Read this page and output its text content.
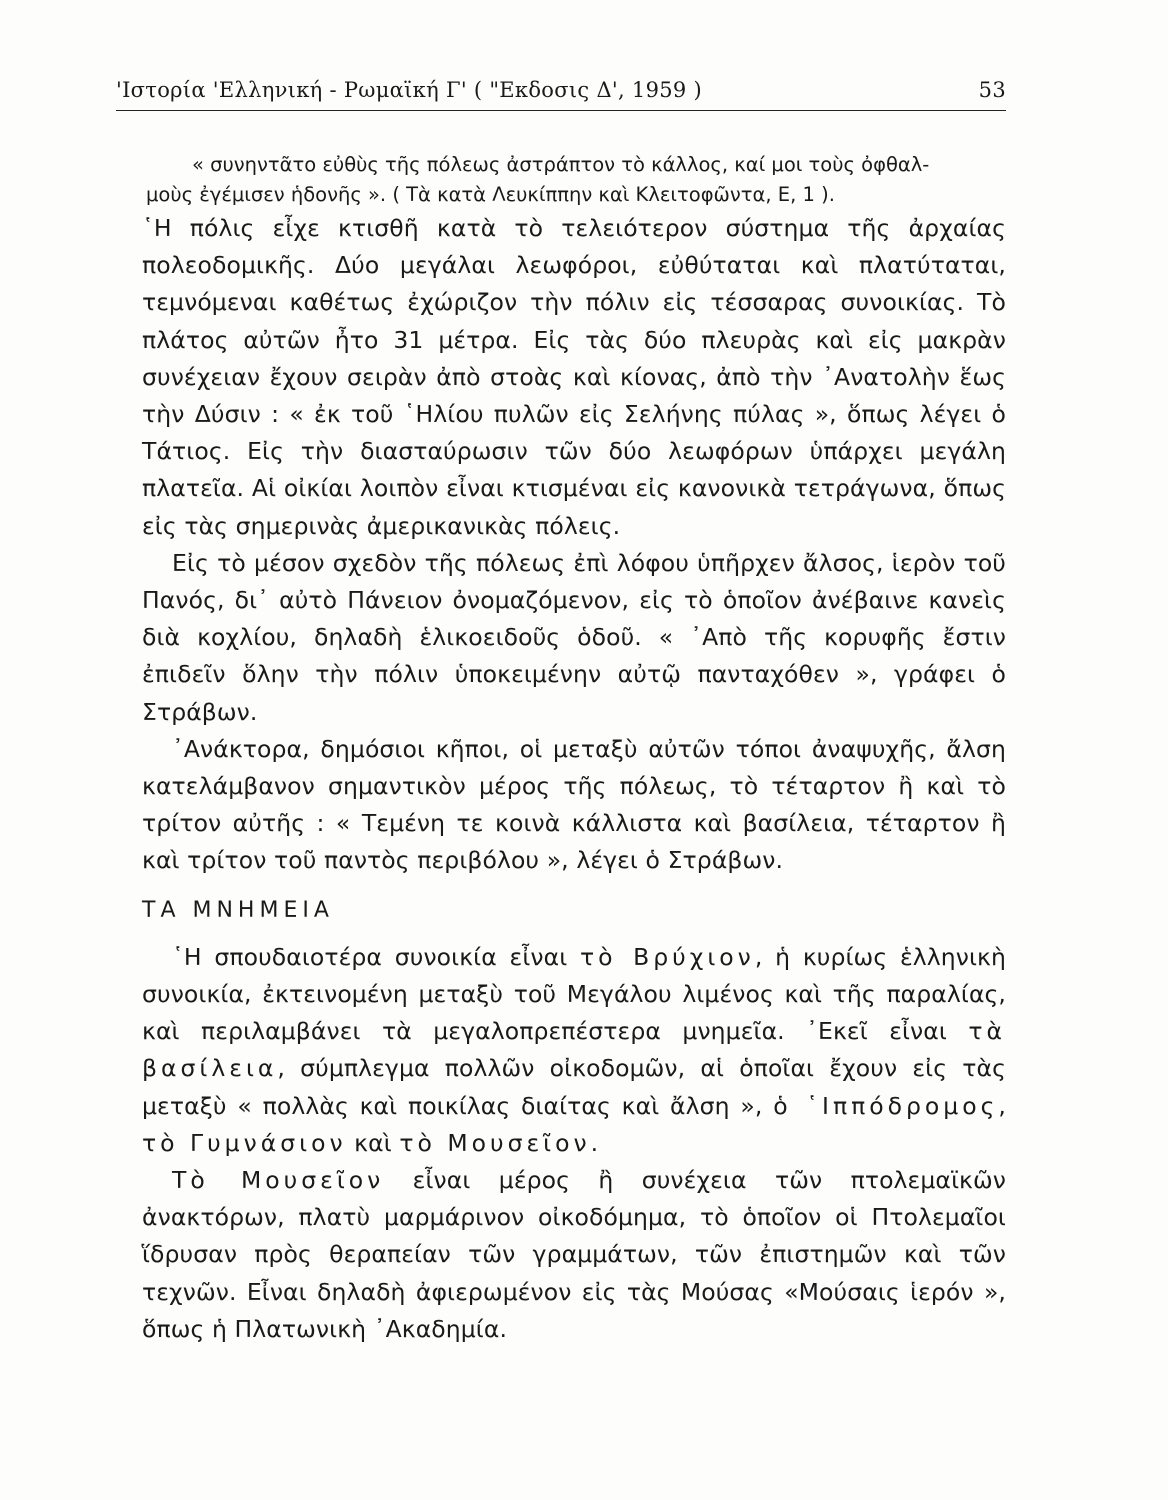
'Ιστορία 'Ελληνική - Ρωμαϊκή Γ' ( "Εκδοσις Δ', 1959 )	53
« συνηντᾶτο εὐθὺς τῆς πόλεως ἀστράπτον τὸ κάλλος, καί μοι τοὺς ὀφθαλ-
μοὺς ἐγέμισεν ἡδονῆς ». ( Τὰ κατὰ Λευκίππην καὶ Κλειτοφῶντα, Ε, 1 ).

῾Η πόλις εἶχε κτισθῆ κατὰ τὸ τελειότερον σύστημα τῆς ἀρχαίας πολεοδομικῆς. Δύο μεγάλαι λεωφόροι, εὐθύταται καὶ πλατύταται, τεμνόμεναι καθέτως ἐχώριζον τὴν πόλιν εἰς τέσσαρας συνοικίας. Τὸ πλάτος αὐτῶν ἦτο 31 μέτρα. Εἰς τὰς δύο πλευρὰς καὶ εἰς μακρὰν συνέχειαν ἔχουν σειρὰν ἀπὸ στοὰς καὶ κίονας, ἀπὸ τὴν ᾿Ανατολὴν ἕως τὴν Δύσιν : « ἐκ τοῦ ῾Ηλίου πυλῶν εἰς Σελήνης πύλας », ὅπως λέγει ὁ Τάτιος. Εἰς τὴν διασταύρωσιν τῶν δύο λεωφόρων ὑπάρχει μεγάλη πλατεῖα. Αἱ οἰκίαι λοιπὸν εἶναι κτισμέναι εἰς κανονικὰ τετράγωνα, ὅπως εἰς τὰς σημερινὰς ἀμερικανικὰς πόλεις.

Εἰς τὸ μέσον σχεδὸν τῆς πόλεως ἐπὶ λόφου ὑπῆρχεν ἄλσος, ἱερὸν τοῦ Πανός, δι᾿ αὐτὸ Πάνειον ὀνομαζόμενον, εἰς τὸ ὁποῖον ἀνέβαινε κανεὶς διὰ κοχλίου, δηλαδὴ ἑλικοειδοῦς ὁδοῦ. « ᾿Απὸ τῆς κορυφῆς ἔστιν ἐπιδεῖν ὅλην τὴν πόλιν ὑποκειμένην αὐτῷ πανταχόθεν », γράφει ὁ Στράβων.

᾿Ανάκτορα, δημόσιοι κῆποι, οἱ μεταξὺ αὐτῶν τόποι ἀναψυχῆς, ἄλση κατελάμβανον σημαντικὸν μέρος τῆς πόλεως, τὸ τέταρτον ἢ καὶ τὸ τρίτον αὐτῆς : « Τεμένη τε κοινὰ κάλλιστα καὶ βασίλεια, τέταρτον ἢ καὶ τρίτον τοῦ παντὸς περιβόλου », λέγει ὁ Στράβων.

ΤΑ ΜΝΗΜΕΙΑ

῾Η σπουδαιοτέρα συνοικία εἶναι τὸ Βρύχιον, ἡ κυρίως ἑλληνικὴ συνοικία, ἐκτεινομένη μεταξὺ τοῦ Μεγάλου λιμένος καὶ τῆς παραλίας, καὶ περιλαμβάνει τὰ μεγαλοπρεπέστερα μνημεῖα. ᾿Εκεῖ εἶναι τὰ βασίλεια, σύμπλεγμα πολλῶν οἰκοδομῶν, αἱ ὁποῖαι ἔχουν εἰς τὰς μεταξὺ « πολλὰς καὶ ποικίλας διαίτας καὶ ἄλση », ὁ ῾Ιππόδρομος, τὸ Γυμνάσιον καὶ τὸ Μουσεῖον.

Τὸ Μουσεῖον εἶναι μέρος ἢ συνέχεια τῶν πτολεμαϊκῶν ἀνακτόρων, πλατὺ μαρμάρινον οἰκοδόμημα, τὸ ὁποῖον οἱ Πτολεμαῖοι ἵδρυσαν πρὸς θεραπείαν τῶν γραμμάτων, τῶν ἐπιστημῶν καὶ τῶν τεχνῶν. Εἶναι δηλαδὴ ἀφιερωμένον εἰς τὰς Μούσας «Μούσαις ἱερόν », ὅπως ἡ Πλατωνικὴ ᾿Ακαδημία.
